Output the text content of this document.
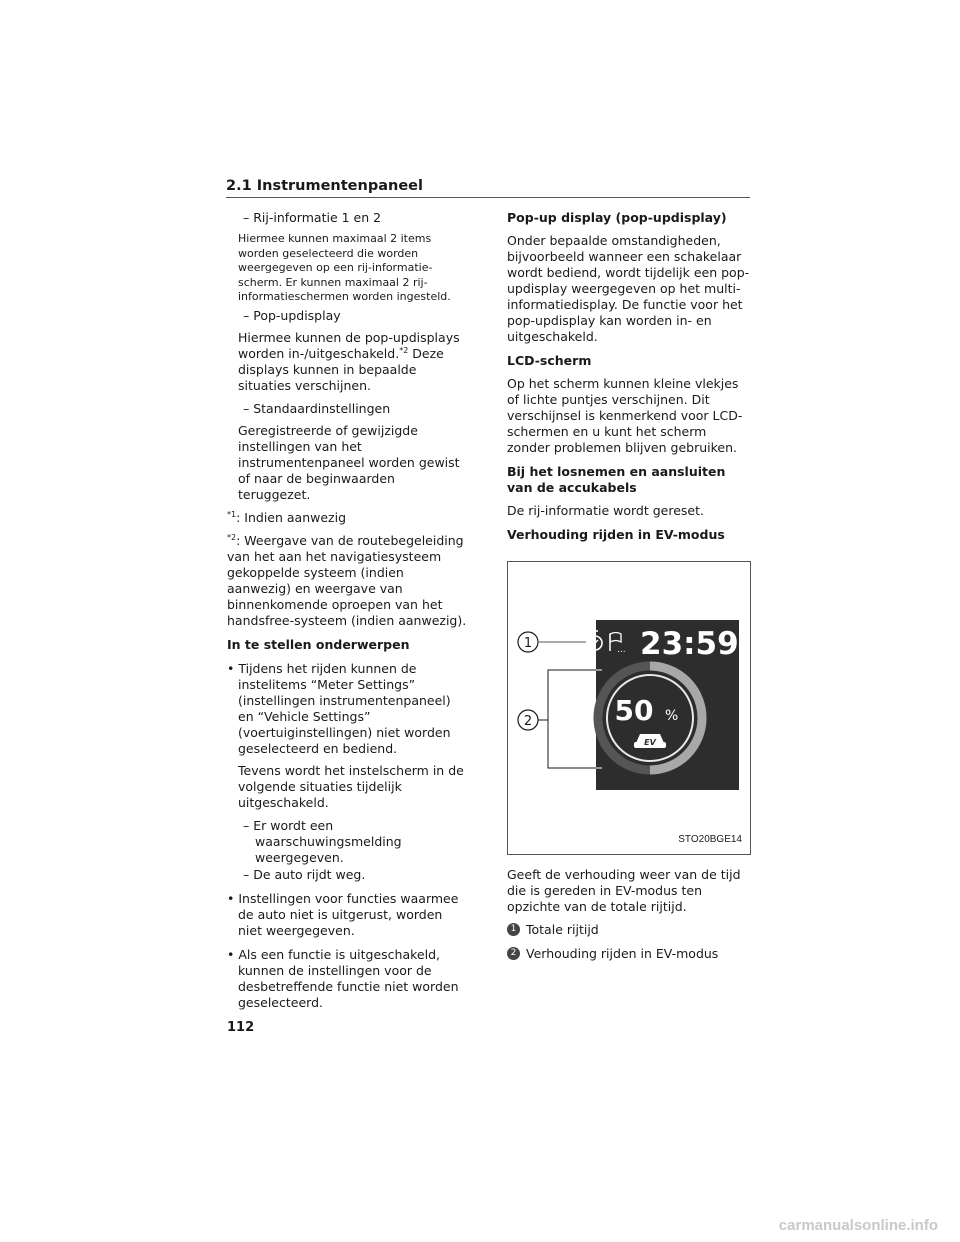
2.1 Instrumentenpaneel

– Rij-informatie 1 en 2

Hiermee kunnen maximaal 2 items worden geselecteerd die worden weergegeven op een rij-informatie-scherm. Er kunnen maximaal 2 rij-informatieschermen worden ingesteld.

– Pop-updisplay

Hiermee kunnen de pop-updisplays worden in-/uitgeschakeld.$^{*2}$ Deze displays kunnen in bepaalde situaties verschijnen.

– Standaardinstellingen

Geregistreerde of gewijzigde instellingen van het instrumentenpaneel worden gewist of naar de beginwaarden teruggezet.

$^{*1}$: Indien aanwezig

$^{*2}$: Weergave van de routebegeleiding van het aan het navigatiesysteem gekoppelde systeem (indien aanwezig) en weergave van binnenkomende oproepen van het handsfree-systeem (indien aanwezig).

In te stellen onderwerpen

• Tijdens het rijden kunnen de instelitems “Meter Settings” (instellingen instrumentenpaneel) en “Vehicle Settings” (voertuiginstellingen) niet worden geselecteerd en bediend.

Tevens wordt het instelscherm in de volgende situaties tijdelijk uitgeschakeld.

– Er wordt een waarschuwingsmelding weergegeven.

– De auto rijdt weg.

• Instellingen voor functies waarmee de auto niet is uitgerust, worden niet weergegeven.

• Als een functie is uitgeschakeld, kunnen de instellingen voor de desbetreffende functie niet worden geselecteerd.

Pop-up display (pop-updisplay)

Onder bepaalde omstandigheden, bijvoorbeeld wanneer een schakelaar wordt bediend, wordt tijdelijk een pop-updisplay weergegeven op het multi-informatiedisplay. De functie voor het pop-updisplay kan worden in- en uitgeschakeld.

LCD-scherm

Op het scherm kunnen kleine vlekjes of lichte puntjes verschijnen. Dit verschijnsel is kenmerkend voor LCD-schermen en u kunt het scherm zonder problemen blijven gebruiken.

Bij het losnemen en aansluiten van de accukabels

De rij-informatie wordt gereset.

Verhouding rijden in EV-modus

... 23:59
50 %
EV
1
2
STO20BGE14

Geeft de verhouding weer van de tijd die is gereden in EV-modus ten opzichte van de totale rijtijd.

1 Totale rijtijd
2 Verhouding rijden in EV-modus
112
carmanualsonline.info
